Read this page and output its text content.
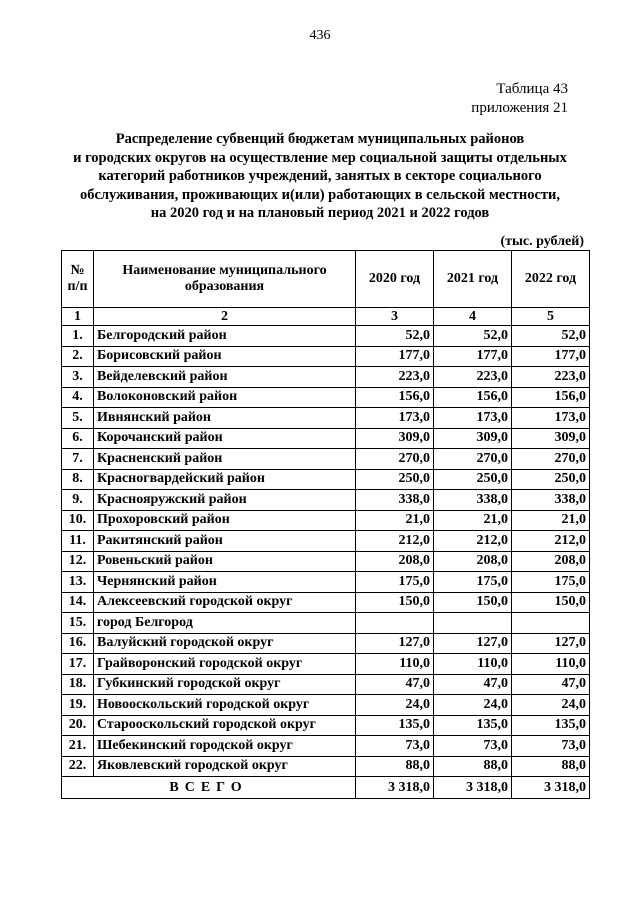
436
Таблица 43
приложения 21
Распределение субвенций бюджетам муниципальных районов
и городских округов на осуществление мер социальной защиты отдельных
категорий работников учреждений, занятых в секторе социального
обслуживания, проживающих и(или) работающих в сельской местности,
на 2020 год и на плановый период 2021 и 2022 годов
(тыс. рублей)
№ п/п	Наименование муниципального образования	2020 год	2021 год	2022 год
1	2	3	4	5
1.	Белгородский район	52,0	52,0	52,0
2.	Борисовский район	177,0	177,0	177,0
3.	Вейделевский район	223,0	223,0	223,0
4.	Волоконовский район	156,0	156,0	156,0
5.	Ивнянский район	173,0	173,0	173,0
6.	Корочанский район	309,0	309,0	309,0
7.	Красненский район	270,0	270,0	270,0
8.	Красногвардейский район	250,0	250,0	250,0
9.	Краснояружский район	338,0	338,0	338,0
10.	Прохоровский район	21,0	21,0	21,0
11.	Ракитянский район	212,0	212,0	212,0
12.	Ровеньский район	208,0	208,0	208,0
13.	Чернянский район	175,0	175,0	175,0
14.	Алексеевский городской округ	150,0	150,0	150,0
15.	город Белгород			
16.	Валуйский городской округ	127,0	127,0	127,0
17.	Грайворонский городской округ	110,0	110,0	110,0
18.	Губкинский городской округ	47,0	47,0	47,0
19.	Новооскольский городской округ	24,0	24,0	24,0
20.	Старооскольский городской округ	135,0	135,0	135,0
21.	Шебекинский городской округ	73,0	73,0	73,0
22.	Яковлевский городской округ	88,0	88,0	88,0
ВСЕГО		3 318,0	3 318,0	3 318,0
